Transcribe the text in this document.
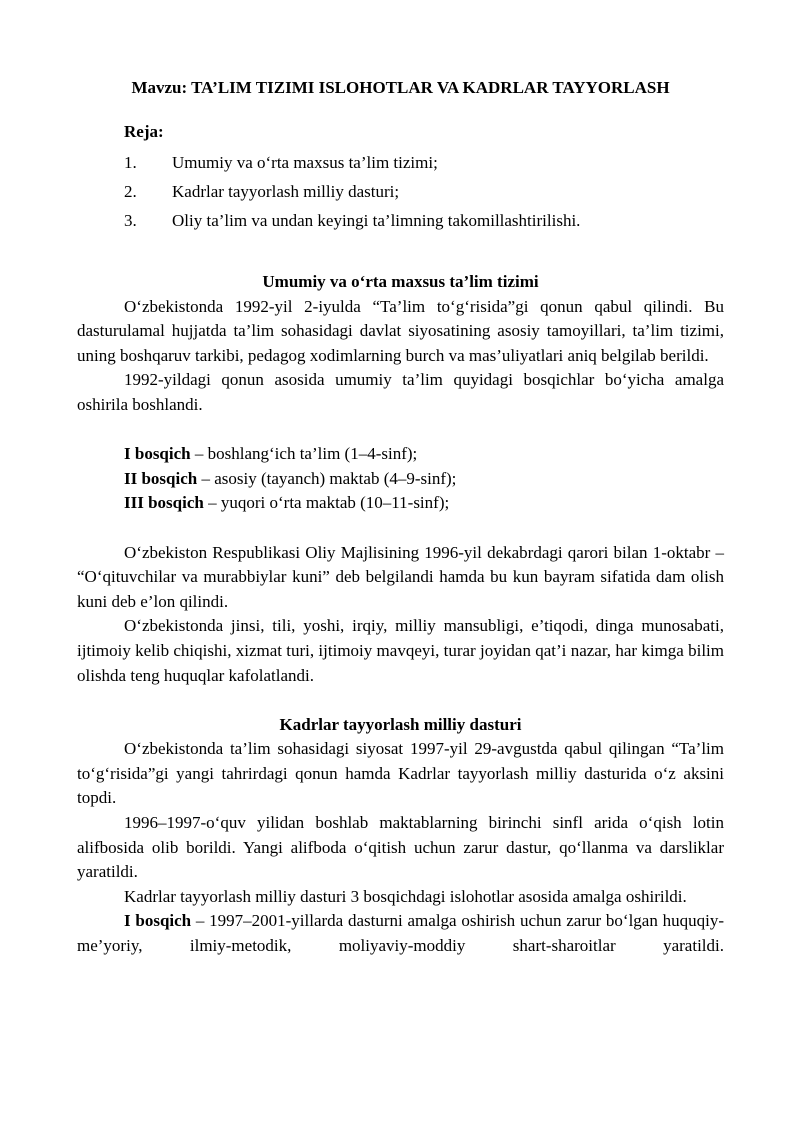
Mavzu: TA’LIM TIZIMI ISLOHOTLAR VA KADRLAR TAYYORLASH
Reja:
1.	Umumiy va o‘rta maxsus ta’lim tizimi;
2.	Kadrlar tayyorlash milliy dasturi;
3.	Oliy ta’lim va undan keyingi ta’limning takomillashtirilishi.

Umumiy va o‘rta maxsus ta’lim tizimi

O‘zbekistonda 1992-yil 2-iyulda “Ta’lim to‘g‘risida”gi qonun qabul qilindi. Bu dasturulamal hujjatda ta’lim sohasidagi davlat siyosatining asosiy tamoyillari, ta’lim tizimi, uning boshqaruv tarkibi, pedagog xodimlarning burch va mas’uliyatlari aniq belgilab berildi.

1992-yildagi qonun asosida umumiy ta’lim quyidagi bosqichlar bo‘yicha amalga oshirila boshlandi.

I bosqich – boshlang‘ich ta’lim (1–4-sinf);

II bosqich – asosiy (tayanch) maktab (4–9-sinf);

III bosqich – yuqori o‘rta maktab (10–11-sinf);

O‘zbekiston Respublikasi Oliy Majlisining 1996-yil dekabrdagi qarori bilan 1-oktabr – “O‘qituvchilar va murabbiylar kuni” deb belgilandi hamda bu kun bayram sifatida dam olish kuni deb e’lon qilindi.

O‘zbekistonda jinsi, tili, yoshi, irqiy, milliy mansubligi, e’tiqodi, dinga munosabati, ijtimoiy kelib chiqishi, xizmat turi, ijtimoiy mavqeyi, turar joyidan qat’i nazar, har kimga bilim olishda teng huquqlar kafolatlandi.

Kadrlar tayyorlash milliy dasturi

O‘zbekistonda ta’lim sohasidagi siyosat 1997-yil 29-avgustda qabul qilingan “Ta’lim to‘g‘risida”gi yangi tahrirdagi qonun hamda Kadrlar tayyorlash milliy dasturida o‘z aksini topdi.

1996–1997-o‘quv yilidan boshlab maktablarning birinchi sinfl arida o‘qish lotin alifbosida olib borildi. Yangi alifboda o‘qitish uchun zarur dastur, qo‘llanma va darsliklar yaratildi.

Kadrlar tayyorlash milliy dasturi 3 bosqichdagi islohotlar asosida amalga oshirildi.

I bosqich – 1997–2001-yillarda dasturni amalga oshirish uchun zarur bo‘lgan huquqiy-me’yoriy, ilmiy-metodik, moliyaviy-moddiy shart-sharoitlar yaratildi.
